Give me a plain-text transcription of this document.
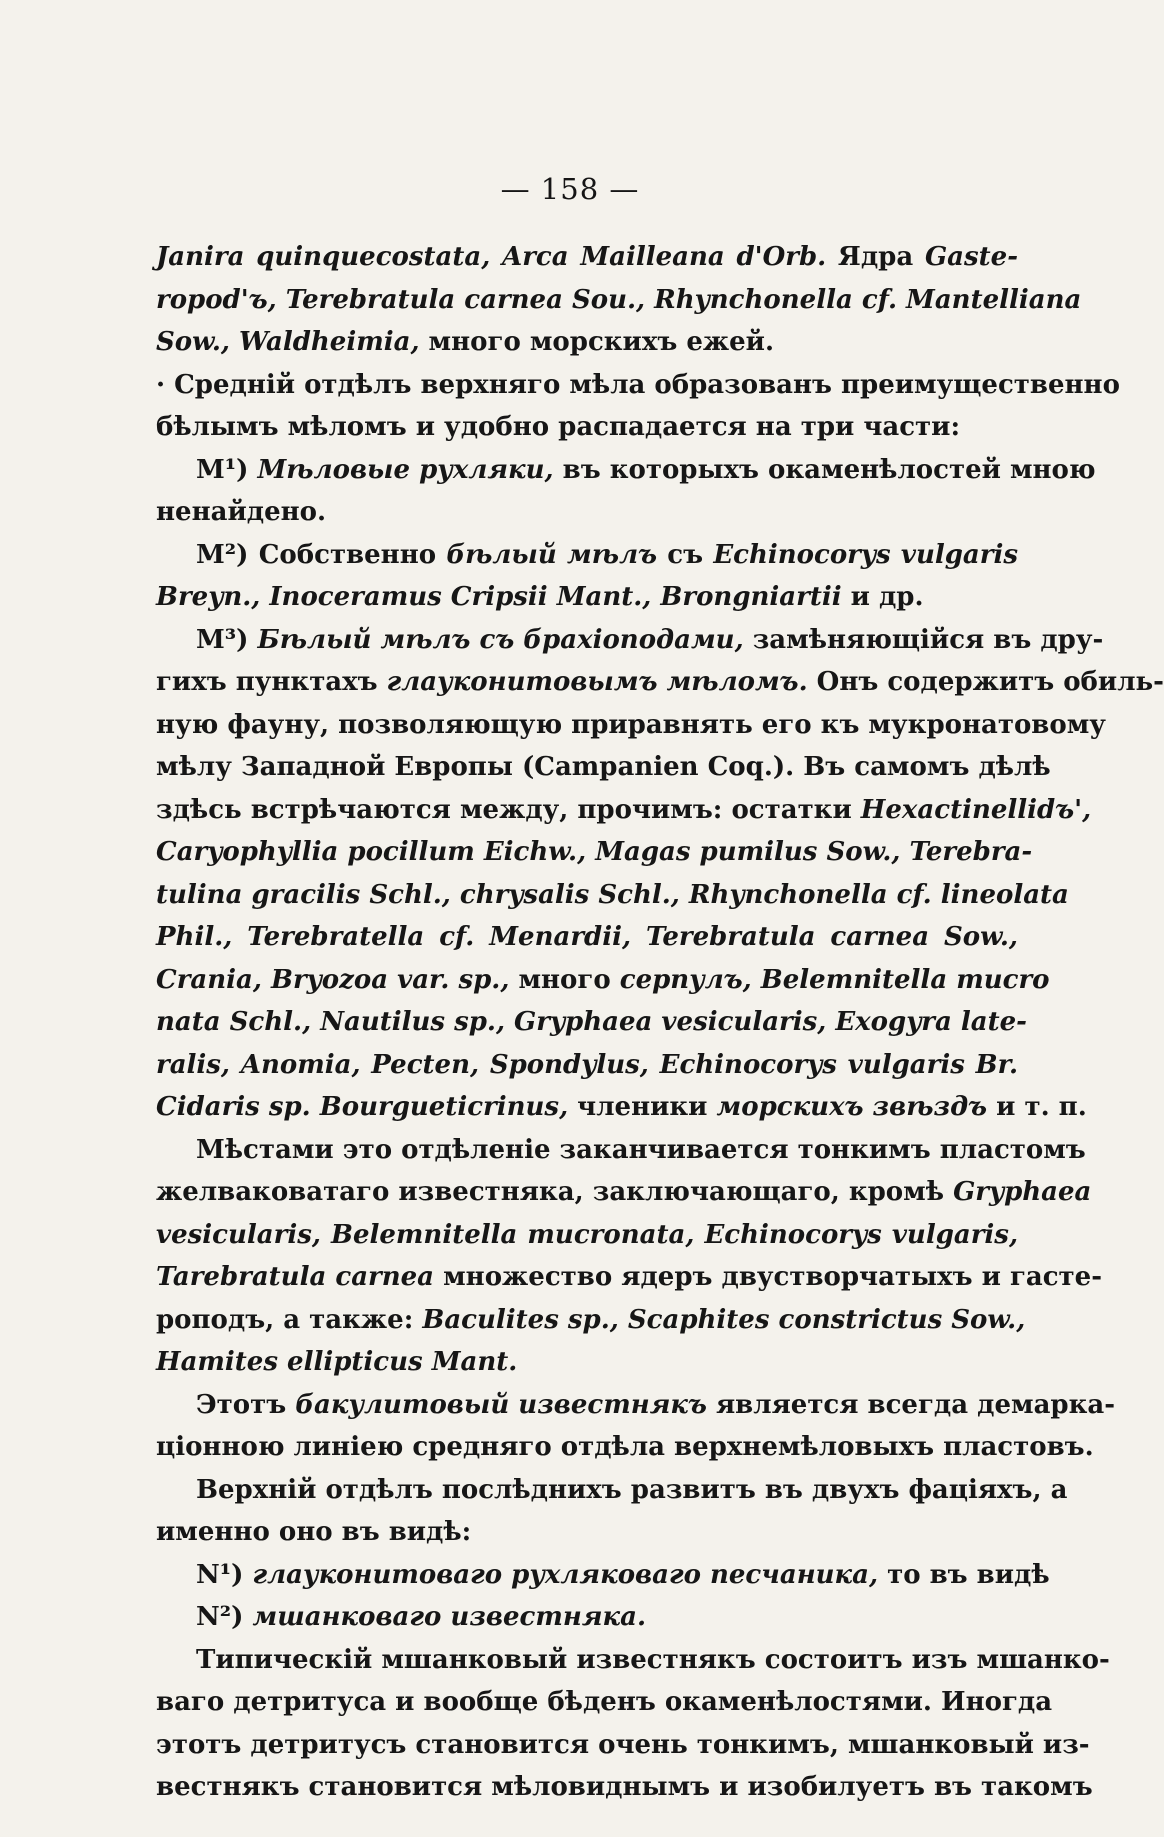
— 158 —
Janira quinquecostata, Arca Mailleana d'Orb. Ядра Gaste-
ropod'ъ, Terebratula carnea Sou., Rhynchonella cf. Mantelliana
Sow., Waldheimia, много морскихъ ежей.
· Средній отдѣлъ верхняго мѣла образованъ преимущественно
бѣлымъ мѣломъ и удобно распадается на три части:
M¹) Мѣловые рухляки, въ которыхъ окаменѣлостей мною
ненайдено.
M²) Собственно бѣлый мѣлъ съ Echinocorys vulgaris
Breyn., Inoceramus Cripsii Mant., Brongniartii и др.
M³) Бѣлый мѣлъ съ брахіоподами, замѣняющійся въ дру-
гихъ пунктахъ глауконитовымъ мѣломъ. Онъ содержитъ обиль-
ную фауну, позволяющую приравнять его къ мукронатовому
мѣлу Западной Европы (Campanien Coq.). Въ самомъ дѣлѣ
здѣсь встрѣчаются между, прочимъ: остатки Hexactinellidъ',
Caryophyllia pocillum Eichw., Magas pumilus Sow., Terebra-
tulina gracilis Schl., chrysalis Schl., Rhynchonella cf. lineolata
Phil., Terebratella cf. Menardii, Terebratula carnea Sow.,
Crania, Bryozoa var. sp., много серпулъ, Belemnitella mucro
nata Schl., Nautilus sp., Gryphaea vesicularis, Exogyra late-
ralis, Anomia, Pecten, Spondylus, Echinocorys vulgaris Br.
Cidaris sp. Bourgueticrinus, членики морскихъ звѣздъ и т. п.
Мѣстами это отдѣленіе заканчивается тонкимъ пластомъ
желваковатаго известняка, заключающаго, кромѣ Gryphaea
vesicularis, Belemnitella mucronata, Echinocorys vulgaris,
Tarebratula carnea множество ядеръ двустворчатыхъ и гасте-
роподъ, а также: Baculites sp., Scaphites constrictus Sow.,
Hamites ellipticus Mant.
Этотъ бакулитовый известнякъ является всегда демарка-
ціонною линіею средняго отдѣла верхнемѣловыхъ пластовъ.
Верхній отдѣлъ послѣднихъ развитъ въ двухъ фаціяхъ, а
именно оно въ видѣ:
N¹) глауконитоваго рухляковаго песчаника, то въ видѣ
N²) мшанковаго известняка.
Типическій мшанковый известнякъ состоитъ изъ мшанко-
ваго детритуса и вообще бѣденъ окаменѣлостями. Иногда
этотъ детритусъ становится очень тонкимъ, мшанковый из-
вестнякъ становится мѣловиднымъ и изобилуетъ въ такомъ
